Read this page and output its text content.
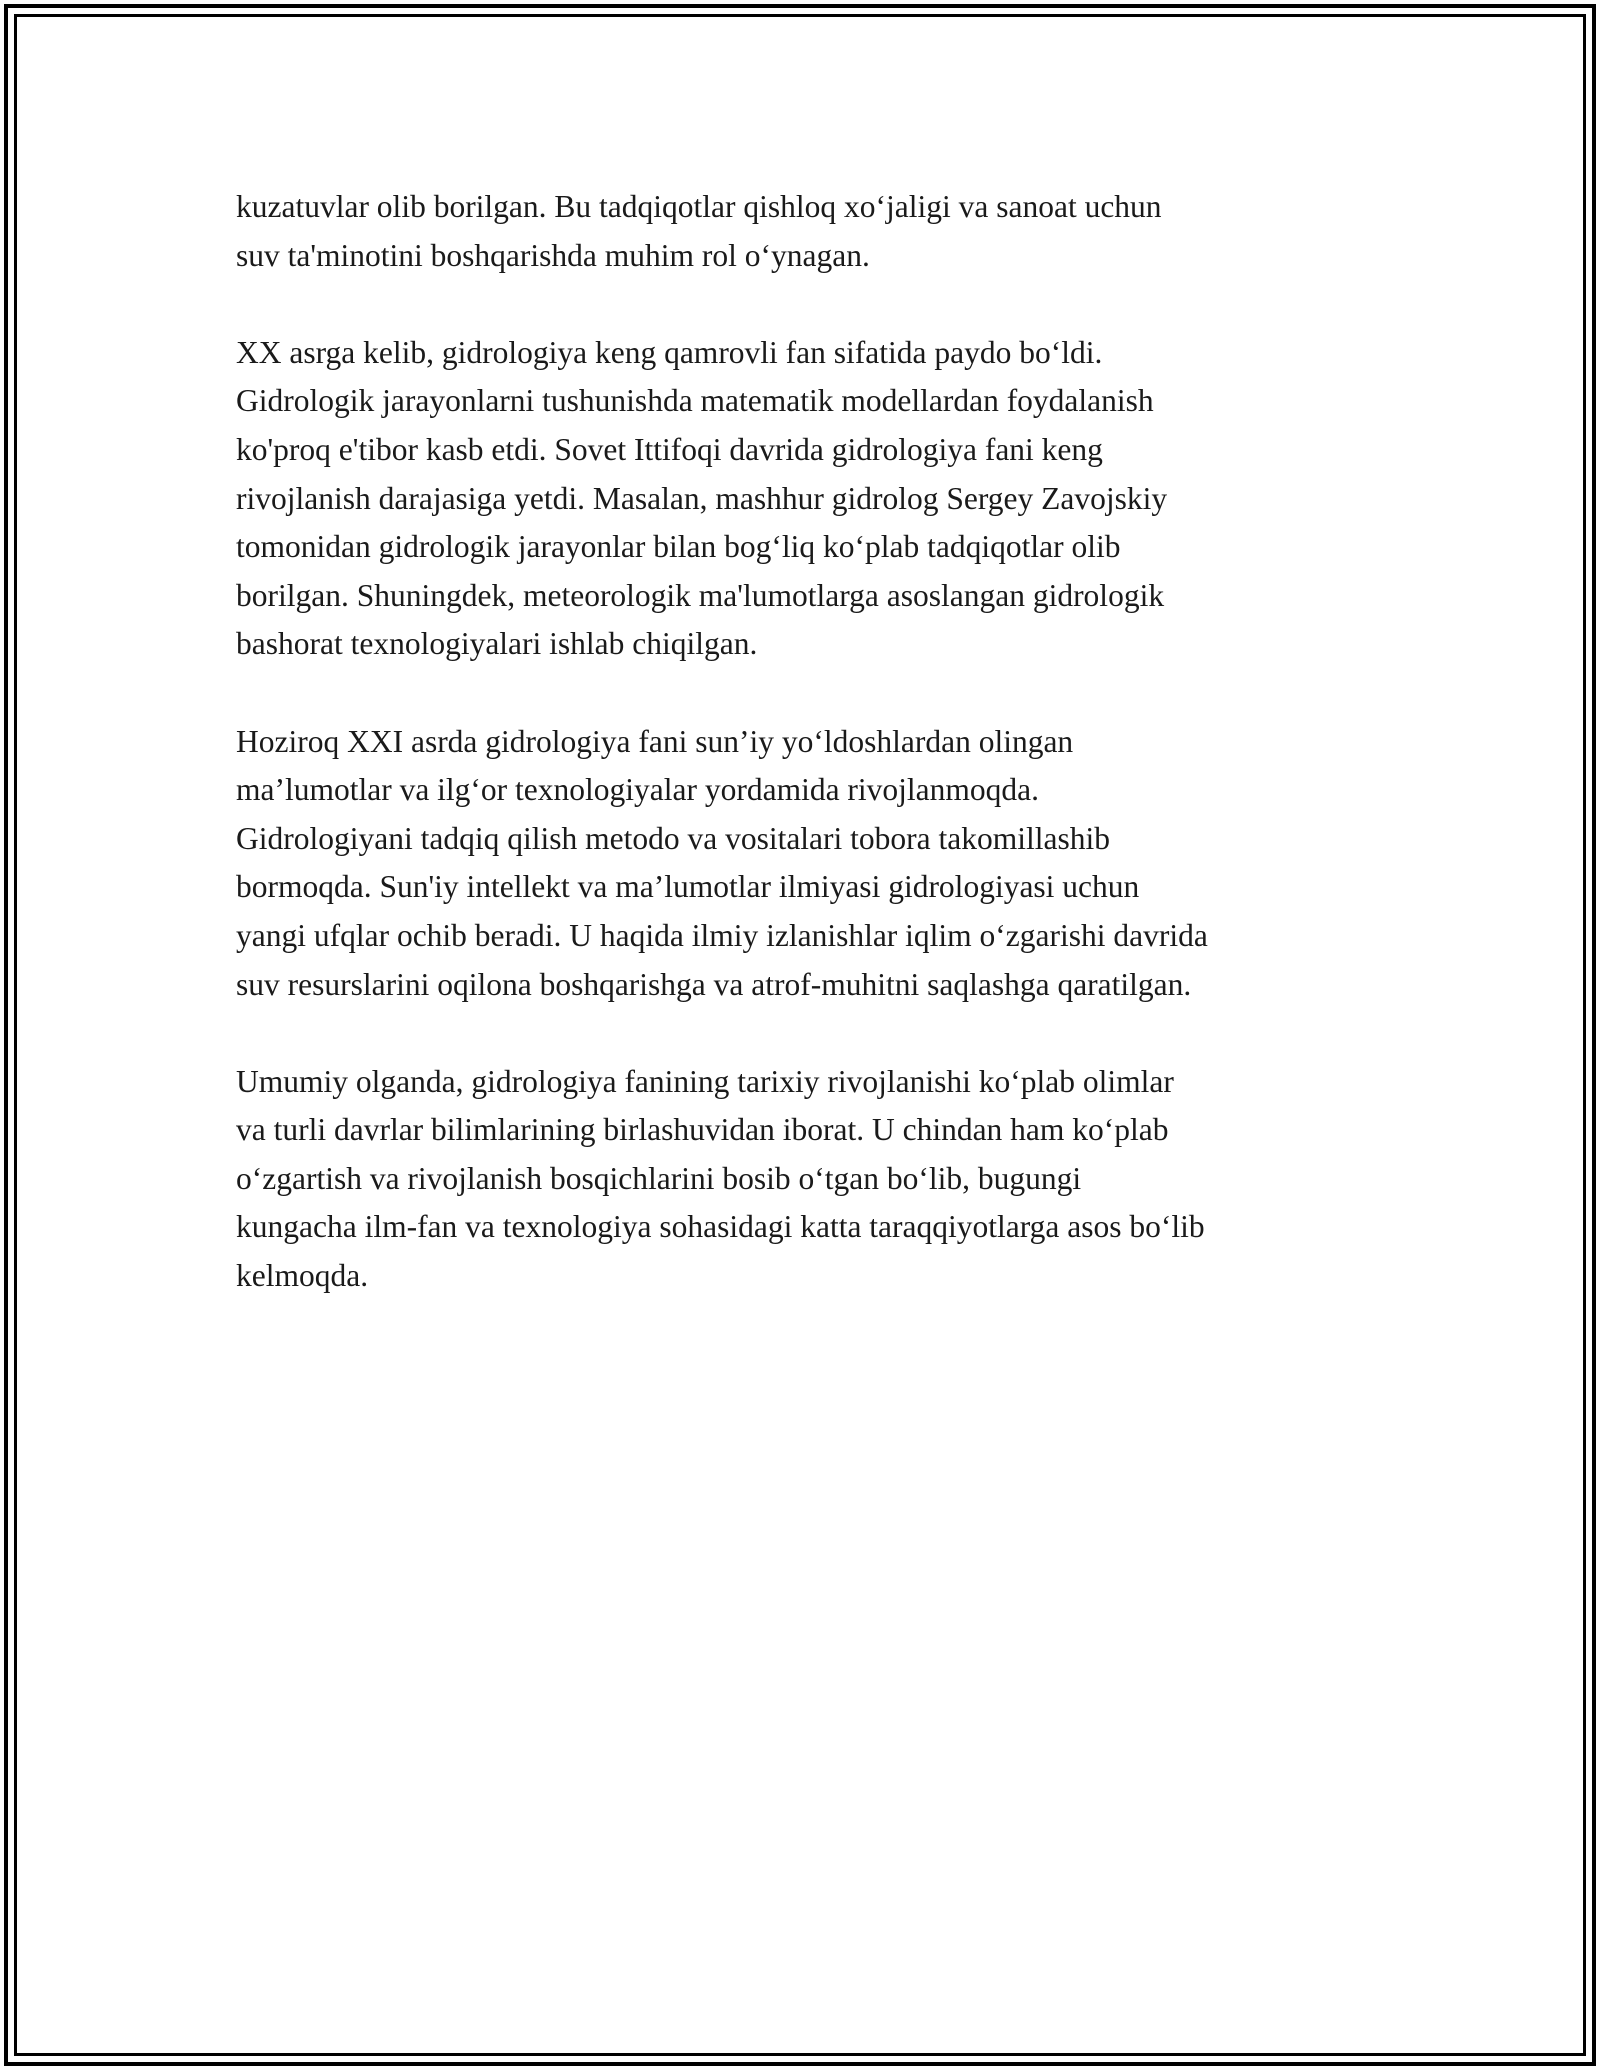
kuzatuvlar olib borilgan. Bu tadqiqotlar qishloq xo‘jaligi va sanoat uchun
suv ta'minotini boshqarishda muhim rol o‘ynagan.
XX asrga kelib, gidrologiya keng qamrovli fan sifatida paydo bo‘ldi.
Gidrologik jarayonlarni tushunishda matematik modellardan foydalanish
ko'proq e'tibor kasb etdi. Sovet Ittifoqi davrida gidrologiya fani keng
rivojlanish darajasiga yetdi. Masalan, mashhur gidrolog Sergey Zavojskiy
tomonidan gidrologik jarayonlar bilan bog‘liq ko‘plab tadqiqotlar olib
borilgan. Shuningdek, meteorologik ma'lumotlarga asoslangan gidrologik
bashorat texnologiyalari ishlab chiqilgan.
Hoziroq XXI asrda gidrologiya fani sun’iy yo‘ldoshlardan olingan
ma’lumotlar va ilg‘or texnologiyalar yordamida rivojlanmoqda.
Gidrologiyani tadqiq qilish metodo va vositalari tobora takomillashib
bormoqda. Sun'iy intellekt va ma’lumotlar ilmiyasi gidrologiyasi uchun
yangi ufqlar ochib beradi. U haqida ilmiy izlanishlar iqlim o‘zgarishi davrida
suv resurslarini oqilona boshqarishga va atrof-muhitni saqlashga qaratilgan.
Umumiy olganda, gidrologiya fanining tarixiy rivojlanishi ko‘plab olimlar
va turli davrlar bilimlarining birlashuvidan iborat. U chindan ham ko‘plab
o‘zgartish va rivojlanish bosqichlarini bosib o‘tgan bo‘lib, bugungi
kungacha ilm-fan va texnologiya sohasidagi katta taraqqiyotlarga asos bo‘lib
kelmoqda.
